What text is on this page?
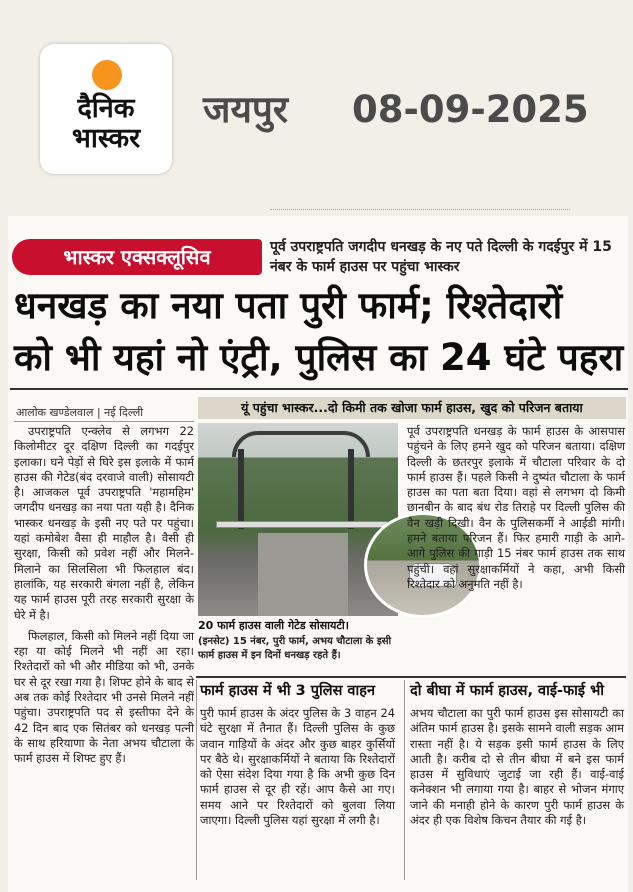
दैनिक
भास्कर
जयपुर 08-09-2025
भास्कर एक्सक्लूसिव	पूर्व उपराष्ट्रपति जगदीप धनखड़ के नए पते दिल्ली के गदईपुर में 15 नंबर के फार्म हाउस पर पहुंचा भास्कर
धनखड़ का नया पता पुरी फार्म; रिश्तेदारों
को भी यहां नो एंट्री, पुलिस का 24 घंटे पहरा
आलोक खण्डेलवाल | नई दिल्ली	यूं पहुंचा भास्कर...दो किमी तक खोजा फार्म हाउस, खुद को परिजन बताया

उपराष्ट्रपति एन्क्लेव से लगभग 22 किलोमीटर दूर दक्षिण दिल्ली का गदईपुर इलाका। घने पेड़ों से घिरे इस इलाके में फार्म हाउस की गेटेड(बंद दरवाजे वाली) सोसायटी है। आजकल पूर्व उपराष्ट्रपति 'महामहिम' जगदीप धनखड़ का नया पता यही है। दैनिक भास्कर धनखड़ के इसी नए पते पर पहुंचा। यहां कमोबेश वैसा ही माहौल है। वैसी ही सुरक्षा, किसी को प्रवेश नहीं और मिलने-मिलाने का सिलसिला भी फिलहाल बंद। हालांकि, यह सरकारी बंगला नहीं है, लेकिन यह फार्म हाउस पूरी तरह सरकारी सुरक्षा के घेरे में है।

फिलहाल, किसी को मिलने नहीं दिया जा रहा या कोई मिलने भी नहीं आ रहा। रिश्तेदारों को भी और मीडिया को भी, उनके घर से दूर रखा गया है। शिफ्ट होने के बाद से अब तक कोई रिश्तेदार भी उनसे मिलने नहीं पहुंचा। उपराष्ट्रपति पद से इस्तीफा देने के 42 दिन बाद एक सितंबर को धनखड़ पत्नी के साथ हरियाणा के नेता अभय चौटाला के फार्म हाउस में शिफ्ट हुए हैं।

20 फार्म हाउस वाली गेटेड सोसायटी।
(इनसेट) 15 नंबर, पुरी फार्म, अभय चौटाला के इसी फार्म हाउस में इन दिनों धनखड़ रहते हैं।

पूर्व उपराष्ट्रपति धनखड़ के फार्म हाउस के आसपास पहुंचने के लिए हमने खुद को परिजन बताया। दक्षिण दिल्ली के छतरपुर इलाके में चौटाला परिवार के दो फार्म हाउस हैं। पहले किसी ने दुष्यंत चौटाला के फार्म हाउस का पता बता दिया। वहां से लगभग दो किमी छानबीन के बाद बंध रोड तिराहे पर दिल्ली पुलिस की वैन खड़ी दिखी। वैन के पुलिसकर्मी ने आईडी मांगी। हमने बताया परिजन हैं। फिर हमारी गाड़ी के आगे-आगे पुलिस की गाड़ी 15 नंबर फार्म हाउस तक साथ पहुंची। वहां सुरक्षाकर्मियों ने कहा, अभी किसी रिश्तेदार को अनुमति नहीं है।

फार्म हाउस में भी 3 पुलिस वाहन	दो बीघा में फार्म हाउस, वाई-फाई भी
पुरी फार्म हाउस के अंदर पुलिस के 3 वाहन 24 घंटे सुरक्षा में तैनात हैं। दिल्ली पुलिस के कुछ जवान गाड़ियों के अंदर और कुछ बाहर कुर्सियों पर बैठे थे। सुरक्षाकर्मियों ने बताया कि रिश्तेदारों को ऐसा संदेश दिया गया है कि अभी कुछ दिन फार्म हाउस से दूर ही रहें। आप कैसे आ गए। समय आने पर रिश्तेदारों को बुलवा लिया जाएगा। दिल्ली पुलिस यहां सुरक्षा में लगी है।
अभय चौटाला का पुरी फार्म हाउस इस सोसायटी का अंतिम फार्म हाउस है। इसके सामने वाली सड़क आम रास्ता नहीं है। ये सड़क इसी फार्म हाउस के लिए आती है। करीब दो से तीन बीघा में बने इस फार्म हाउस में सुविधाएं जुटाई जा रही हैं। वाई-वाई कनेक्शन भी लगाया गया है। बाहर से भोजन मंगाए जाने की मनाही होने के कारण पुरी फार्म हाउस के अंदर ही एक विशेष किचन तैयार की गई है।
